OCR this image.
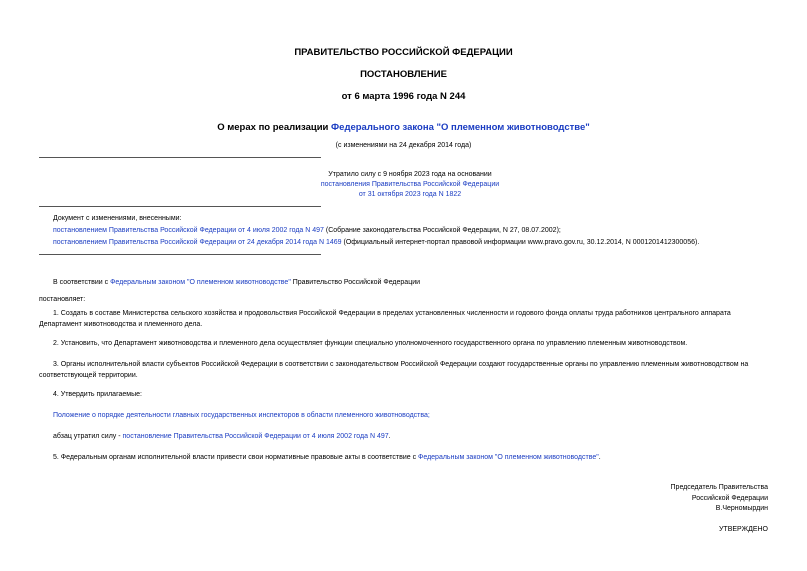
ПРАВИТЕЛЬСТВО РОССИЙСКОЙ ФЕДЕРАЦИИ
ПОСТАНОВЛЕНИЕ
от 6 марта 1996 года N 244
О мерах по реализации Федерального закона "О племенном животноводстве"
(с изменениями на 24 декабря 2014 года)
Утратило силу с 9 ноября 2023 года на основании
постановления Правительства Российской Федерации
от 31 октября 2023 года N 1822
Документ с изменениями, внесенными:
постановлением Правительства Российской Федерации от 4 июля 2002 года N 497 (Собрание законодательства Российской Федерации, N 27, 08.07.2002);
постановлением Правительства Российской Федерации от 24 декабря 2014 года N 1469 (Официальный интернет-портал правовой информации www.pravo.gov.ru, 30.12.2014, N 0001201412300056).
В соответствии с Федеральным законом "О племенном животноводстве" Правительство Российской Федерации
постановляет:
1. Создать в составе Министерства сельского хозяйства и продовольствия Российской Федерации в пределах установленных численности и годового фонда оплаты труда работников центрального аппарата Департамент животноводства и племенного дела.
2. Установить, что Департамент животноводства и племенного дела осуществляет функции специально уполномоченного государственного органа по управлению племенным животноводством.
3. Органы исполнительной власти субъектов Российской Федерации в соответствии с законодательством Российской Федерации создают государственные органы по управлению племенным животноводством на соответствующей территории.
4. Утвердить прилагаемые:
Положение о порядке деятельности главных государственных инспекторов в области племенного животноводства;
абзац утратил силу - постановление Правительства Российской Федерации от 4 июля 2002 года N 497.
5. Федеральным органам исполнительной власти привести свои нормативные правовые акты в соответствие с Федеральным законом "О племенном животноводстве".
Председатель Правительства
Российской Федерации
В.Черномырдин
УТВЕРЖДЕНО
